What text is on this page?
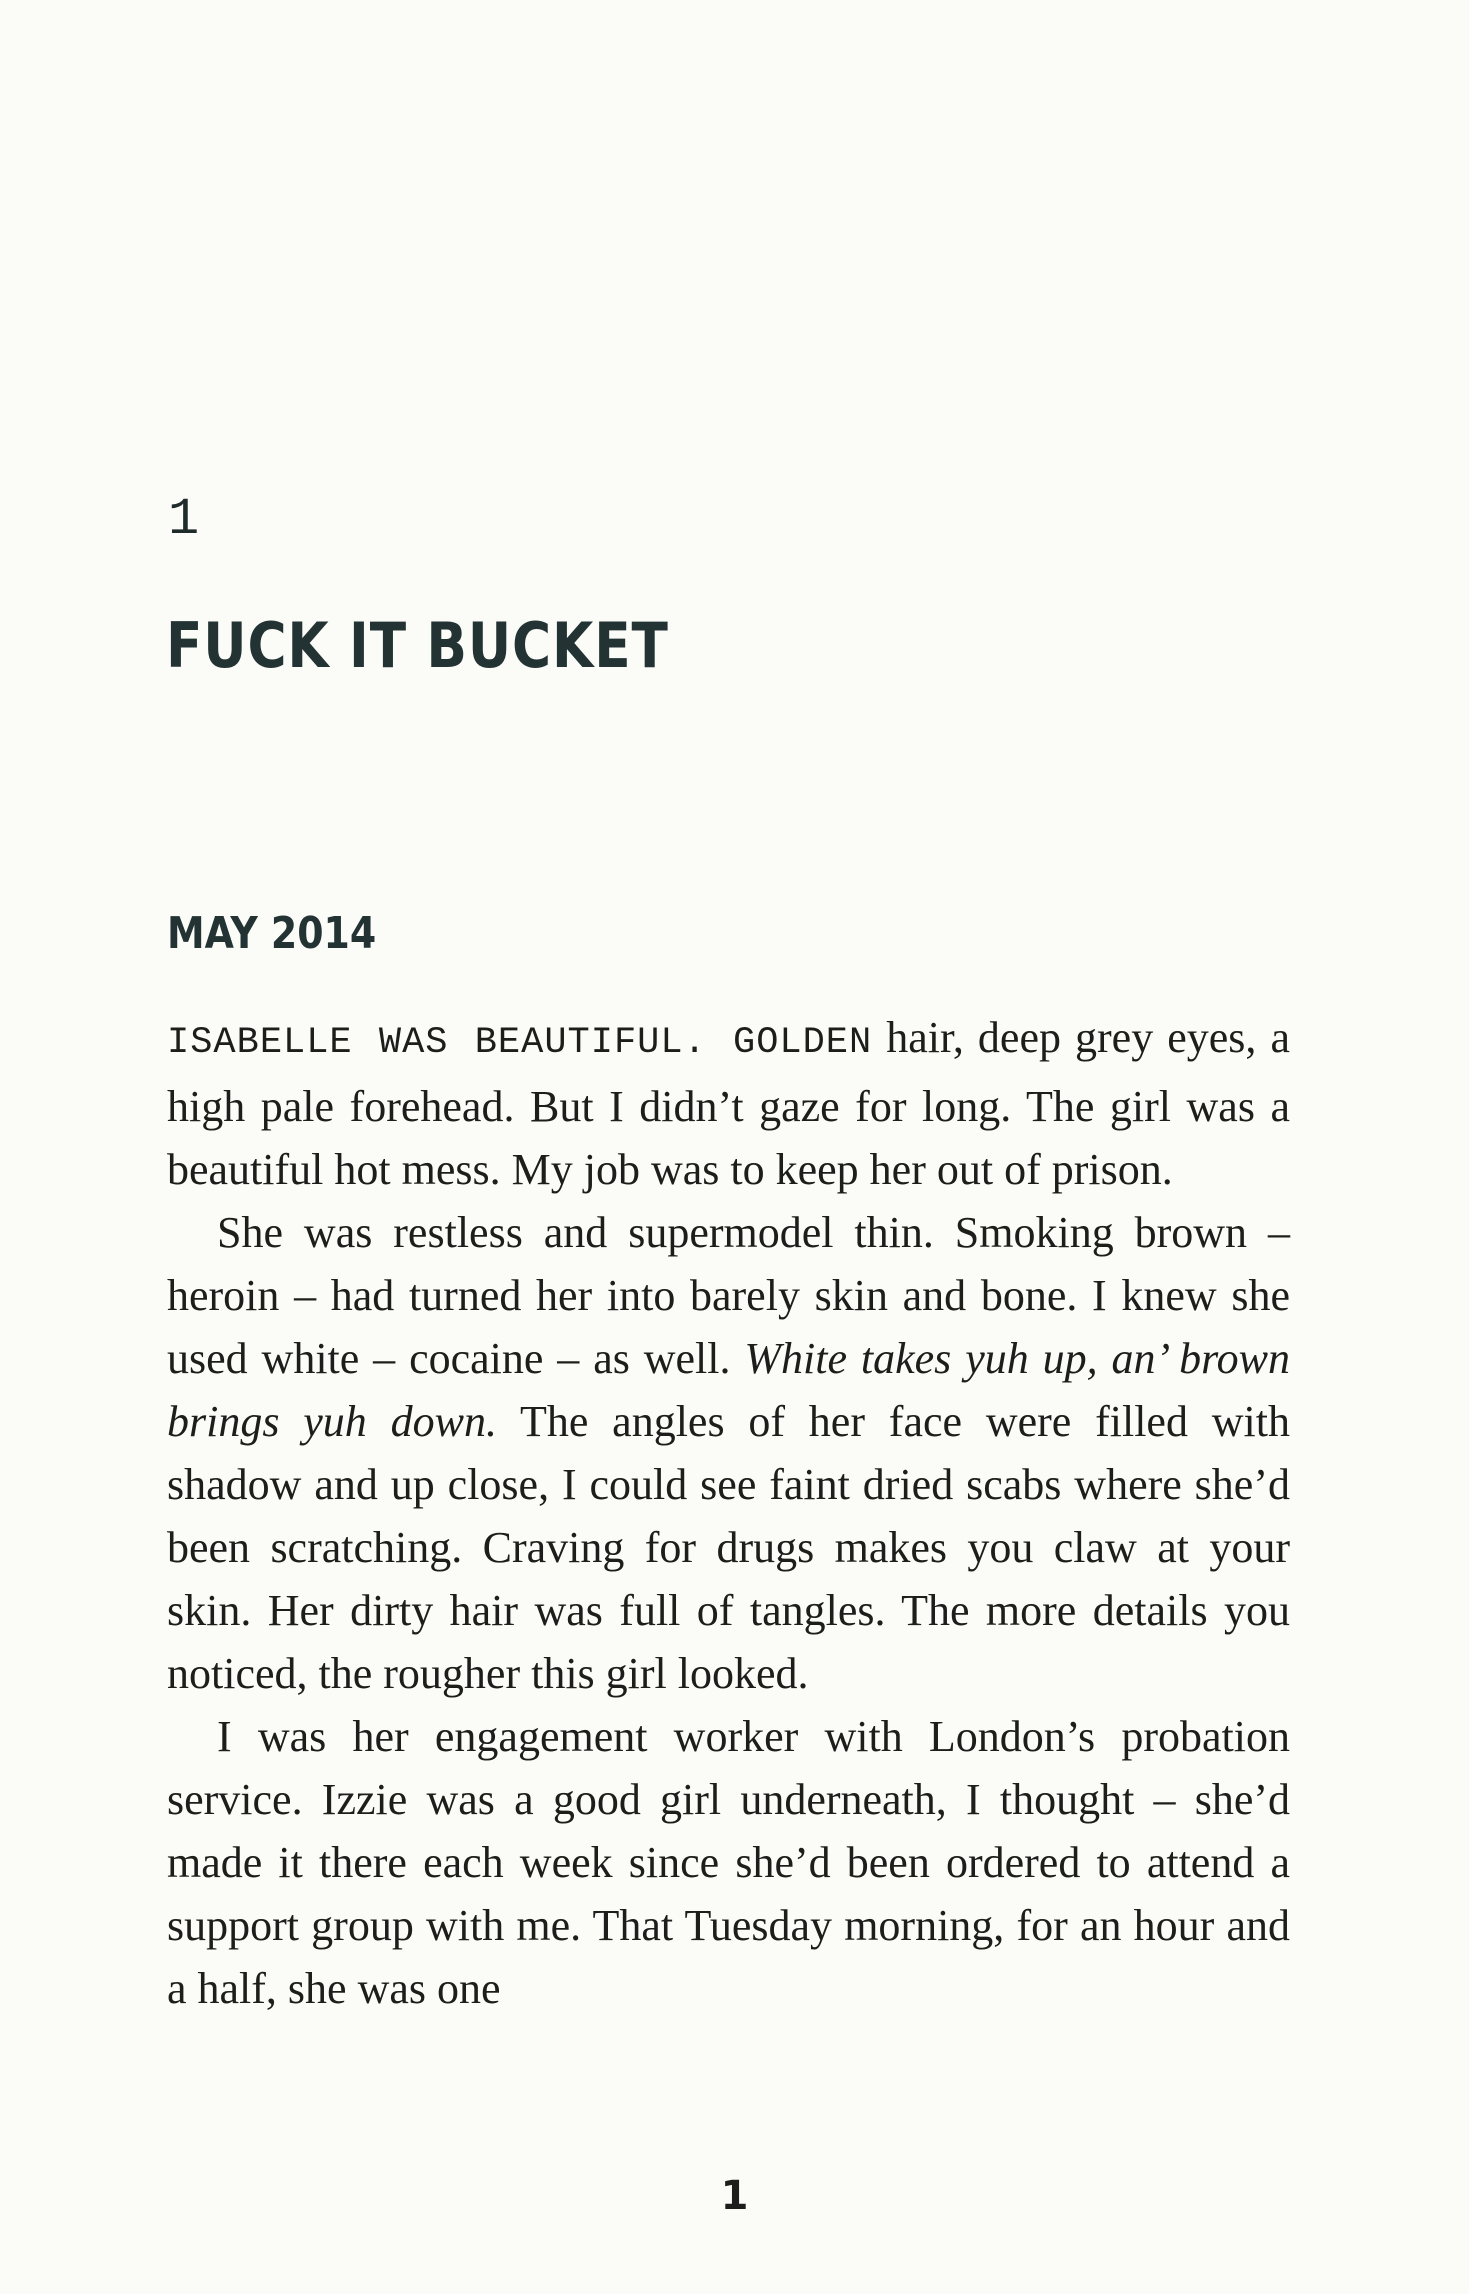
1
FUCK IT BUCKET
MAY 2014

ISABELLE WAS BEAUTIFUL. GOLDEN hair, deep grey eyes, a high pale forehead. But I didn’t gaze for long. The girl was a beautiful hot mess. My job was to keep her out of prison.

She was restless and supermodel thin. Smoking brown – heroin – had turned her into barely skin and bone. I knew she used white – cocaine – as well. White takes yuh up, an’ brown brings yuh down. The angles of her face were filled with shadow and up close, I could see faint dried scabs where she’d been scratching. Craving for drugs makes you claw at your skin. Her dirty hair was full of tangles. The more details you noticed, the rougher this girl looked.

I was her engagement worker with London’s probation service. Izzie was a good girl underneath, I thought – she’d made it there each week since she’d been ordered to attend a support group with me. That Tuesday morning, for an hour and a half, she was one

1
